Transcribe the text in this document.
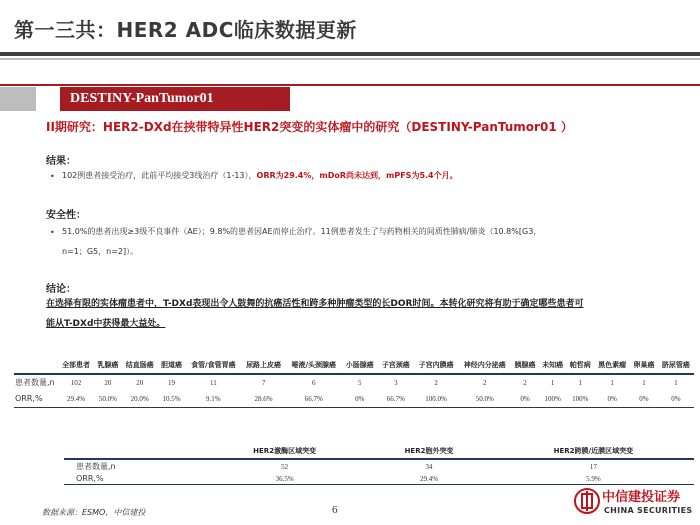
第一三共：HER2 ADC临床数据更新
DESTINY-PanTumor01
II期研究：HER2-DXd在挟带特异性HER2突变的实体瘤中的研究（DESTINY-PanTumor01 ）
结果：
• 102例患者接受治疗，此前平均接受3线治疗（1-13），ORR为29.4%，mDoR尚未达到，mPFS为5.4个月。
安全性：
• 51.0%的患者出现≥3级不良事件（AE）；9.8%的患者因AE而停止治疗。11例患者发生了与药物相关的间质性肺病/肺炎（10.8%[G3，
n=1；G5，n=2]）。
结论：
在选择有限的实体瘤患者中，T-DXd表现出令人鼓舞的抗癌活性和跨多种肿瘤类型的长DOR时间。本转化研究将有助于确定哪些患者可
能从T-DXd中获得最大益处。
	全部患者	乳腺癌	结直肠癌	胆道癌	食管/食管胃癌	尿路上皮癌	唾液/头颈腺癌	小肠腺癌	子宫颈癌	子宫内膜癌	神经内分泌癌	胰腺癌	未知癌	帕哲病	黑色素瘤	卵巢癌	脐尿管癌
患者数量,n	102	20	20	19	11	7	6	5	3	2	2	2	1	1	1	1	1
ORR,%	29.4%	50.0%	20.0%	10.5%	9.1%	28.6%	66.7%	0%	66.7%	100.0%	50.0%	0%	100%	100%	0%	0%	0%
	HER2激酶区域突变	HER2胞外突变	HER2跨膜/近膜区域突变
患者数量,n	52	34	17
ORR,%	36.5%	29.4%	5.9%
数据来源：ESMO，中信建投	6
中信建投证券
CHINA SECURITIES
